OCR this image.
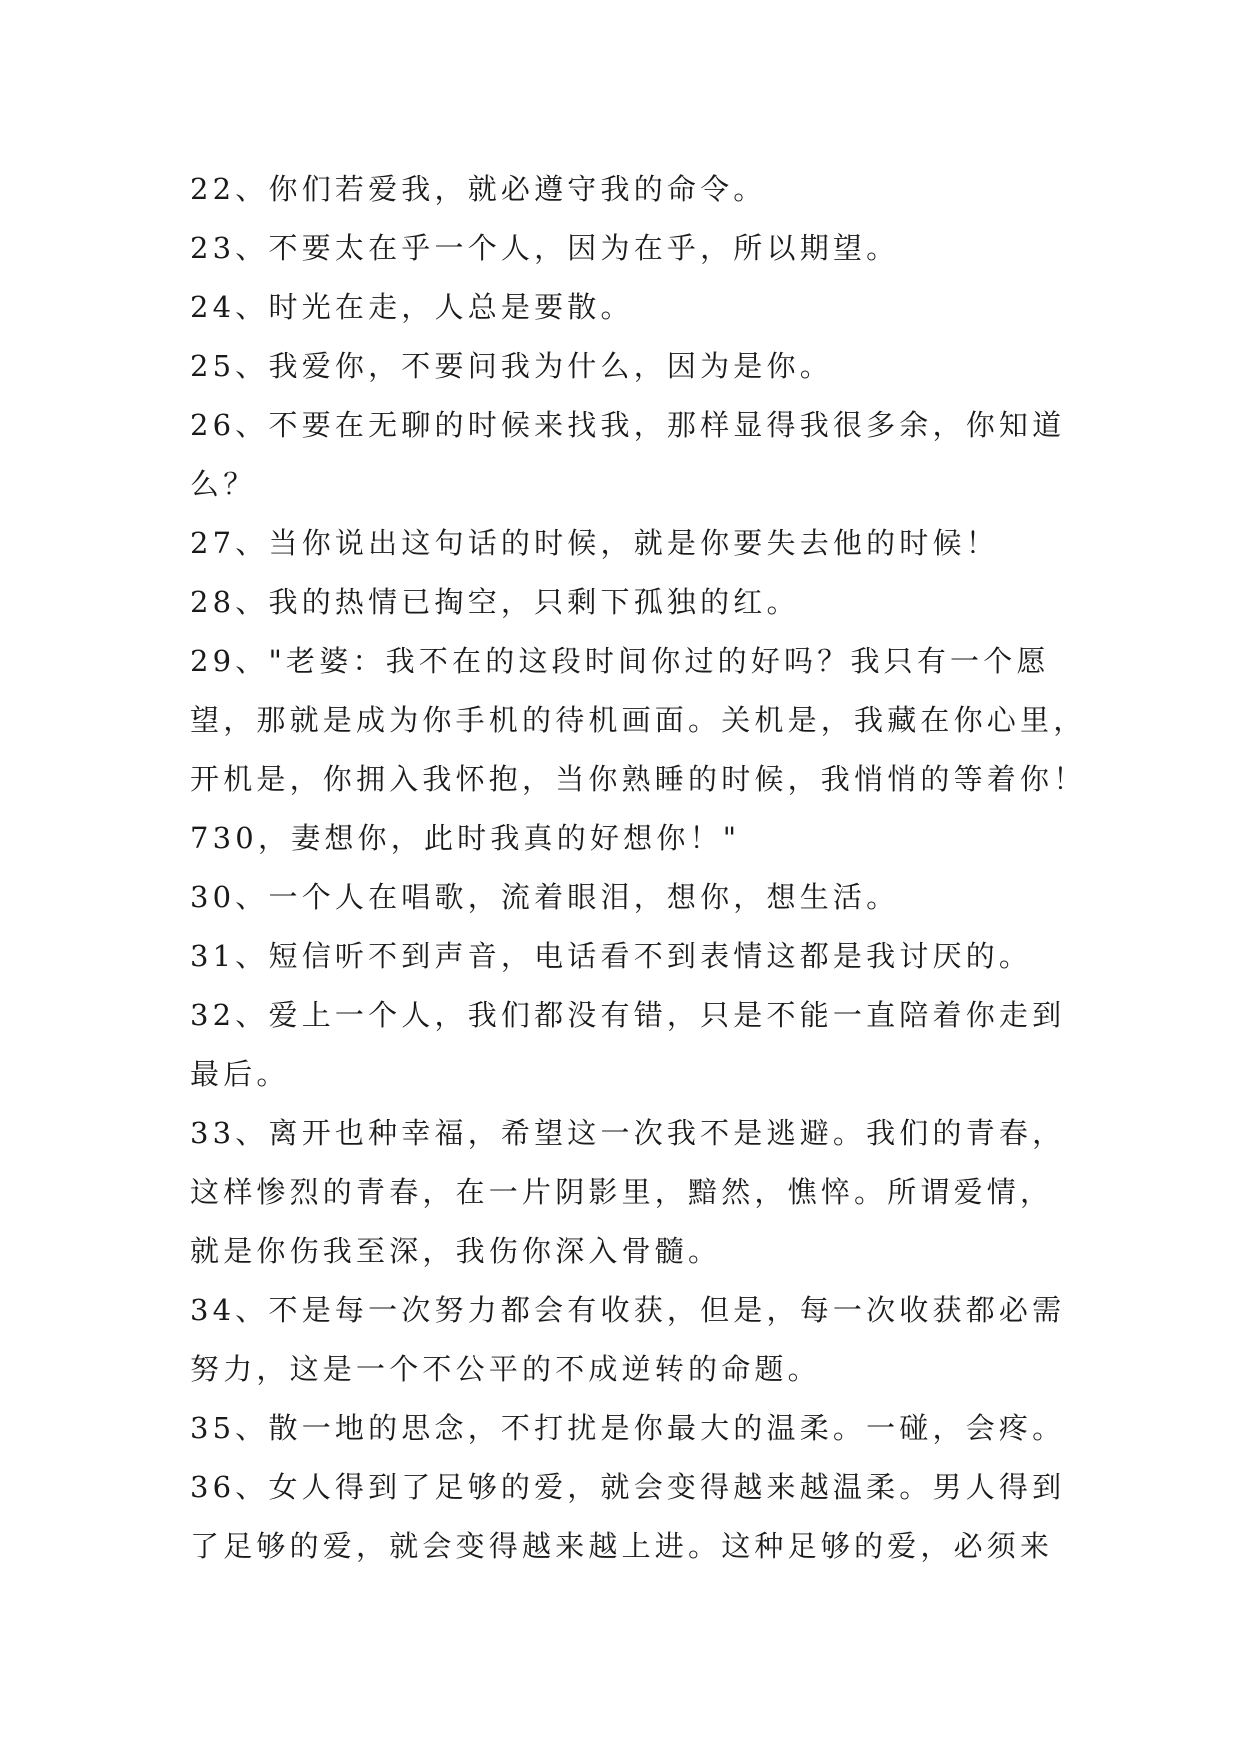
22、你们若爱我，就必遵守我的命令。
23、不要太在乎一个人，因为在乎，所以期望。
24、时光在走，人总是要散。
25、我爱你，不要问我为什么，因为是你。
26、不要在无聊的时候来找我，那样显得我很多余，你知道
么？
27、当你说出这句话的时候，就是你要失去他的时候！
28、我的热情已掏空，只剩下孤独的红。
29、"老婆：我不在的这段时间你过的好吗？我只有一个愿
望，那就是成为你手机的待机画面。关机是，我藏在你心里，
开机是，你拥入我怀抱，当你熟睡的时候，我悄悄的等着你！
730，妻想你，此时我真的好想你！"
30、一个人在唱歌，流着眼泪，想你，想生活。
31、短信听不到声音，电话看不到表情这都是我讨厌的。
32、爱上一个人，我们都没有错，只是不能一直陪着你走到
最后。
33、离开也种幸福，希望这一次我不是逃避。我们的青春，
这样惨烈的青春，在一片阴影里，黯然，憔悴。所谓爱情，
就是你伤我至深，我伤你深入骨髓。
34、不是每一次努力都会有收获，但是，每一次收获都必需
努力，这是一个不公平的不成逆转的命题。
35、散一地的思念，不打扰是你最大的温柔。一碰，会疼。
36、女人得到了足够的爱，就会变得越来越温柔。男人得到
了足够的爱，就会变得越来越上进。这种足够的爱，必须来
